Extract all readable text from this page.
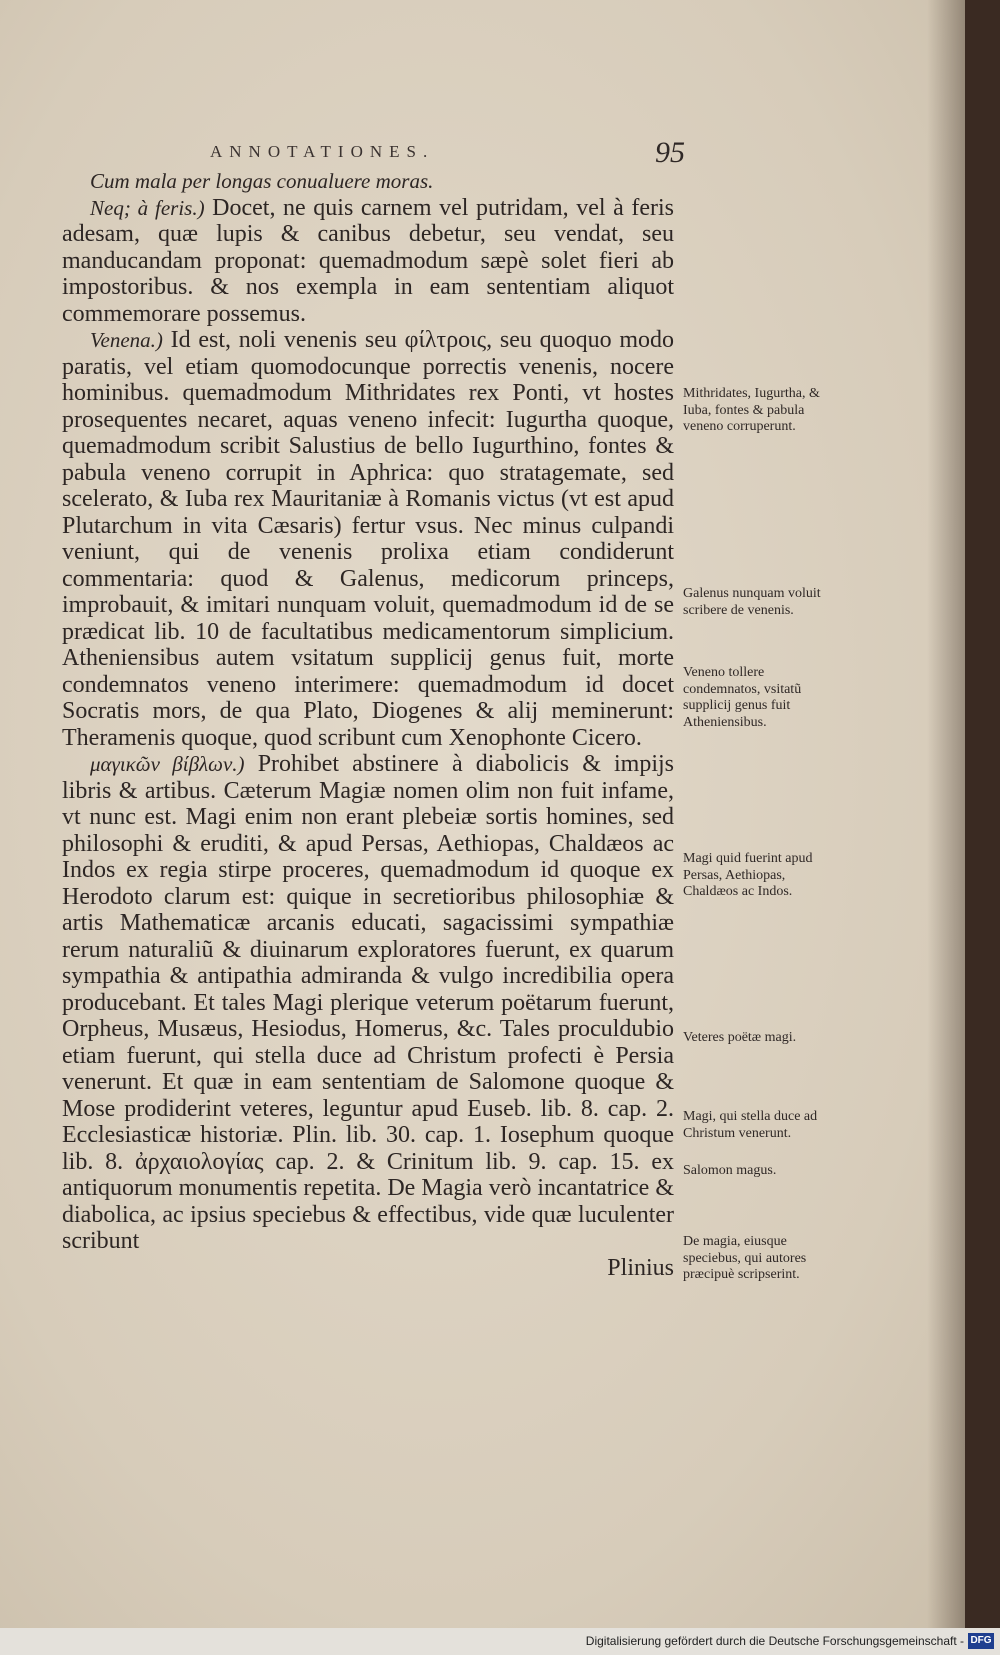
ANNOTATIONES.	95

Cum mala per longas conualuere moras.

Neq; à feris.) Docet, ne quis carnem vel putridam, vel à feris adesam, quæ lupis & canibus debetur, seu vendat, seu manducandam proponat: quemadmodum sæpè solet fieri ab impostoribus. & nos exempla in eam sententiam aliquot commemorare possemus.

Venena.) Id est, noli venenis seu φίλτροις, seu quoquo modo paratis, vel etiam quomodocunque porrectis venenis, nocere hominibus. quemadmodum Mithridates rex Ponti, vt hostes prosequentes necaret, aquas veneno infecit: Iugurtha quoque, quemadmodum scribit Salustius de bello Iugurthino, fontes & pabula veneno corrupit in Aphrica: quo stratagemate, sed scelerato, & Iuba rex Mauritaniæ à Romanis victus (vt est apud Plutarchum in vita Cæsaris) fertur vsus. Nec minus culpandi veniunt, qui de venenis prolixa etiam condiderunt commentaria: quod & Galenus, medicorum princeps, improbauit, & imitari nunquam voluit, quemadmodum id de se prædicat lib. 10 de facultatibus medicamentorum simplicium. Atheniensibus autem vsitatum supplicij genus fuit, morte condemnatos veneno interimere: quemadmodum id docet Socratis mors, de qua Plato, Diogenes & alij meminerunt: Theramenis quoque, quod scribunt cum Xenophonte Cicero.

μαγικῶν βίβλων.) Prohibet abstinere à diabolicis & impijs libris & artibus. Cæterum Magiæ nomen olim non fuit infame, vt nunc est. Magi enim non erant plebeiæ sortis homines, sed philosophi & eruditi, & apud Persas, Aethiopas, Chaldæos ac Indos ex regia stirpe proceres, quemadmodum id quoque ex Herodoto clarum est: quique in secretioribus philosophiæ & artis Mathematicæ arcanis educati, sagacissimi sympathiæ rerum naturaliũ & diuinarum exploratores fuerunt, ex quarum sympathia & antipathia admiranda & vulgo incredibilia opera producebant. Et tales Magi plerique veterum poëtarum fuerunt, Orpheus, Musæus, Hesiodus, Homerus, &c. Tales proculdubio etiam fuerunt, qui stella duce ad Christum profecti è Persia venerunt. Et quæ in eam sententiam de Salomone quoque & Mose prodiderint veteres, leguntur apud Euseb. lib. 8. cap. 2. Ecclesiasticæ historiæ. Plin. lib. 30. cap. 1. Iosephum quoque lib. 8. ἀρχαιολογίας cap. 2. & Crinitum lib. 9. cap. 15. ex antiquorum monumentis repetita. De Magia verò incantatrice & diabolica, ac ipsius speciebus & effectibus, vide quæ luculenter scribunt

Plinius

Mithridates, Iugurtha, & Iuba, fontes & pabula veneno corruperunt.
Galenus nunquam voluit scribere de venenis.
Veneno tollere condemnatos, vsitatũ supplicij genus fuit Atheniensibus.
Magi quid fuerint apud Persas, Aethiopas, Chaldæos ac Indos.
Veteres poëtæ magi.
Magi, qui stella duce ad Christum venerunt.
Salomon magus.
De magia, eiusque speciebus, qui autores præcipuè scripserint.
Digitalisierung gefördert durch die Deutsche Forschungsgemeinschaft - DFG
